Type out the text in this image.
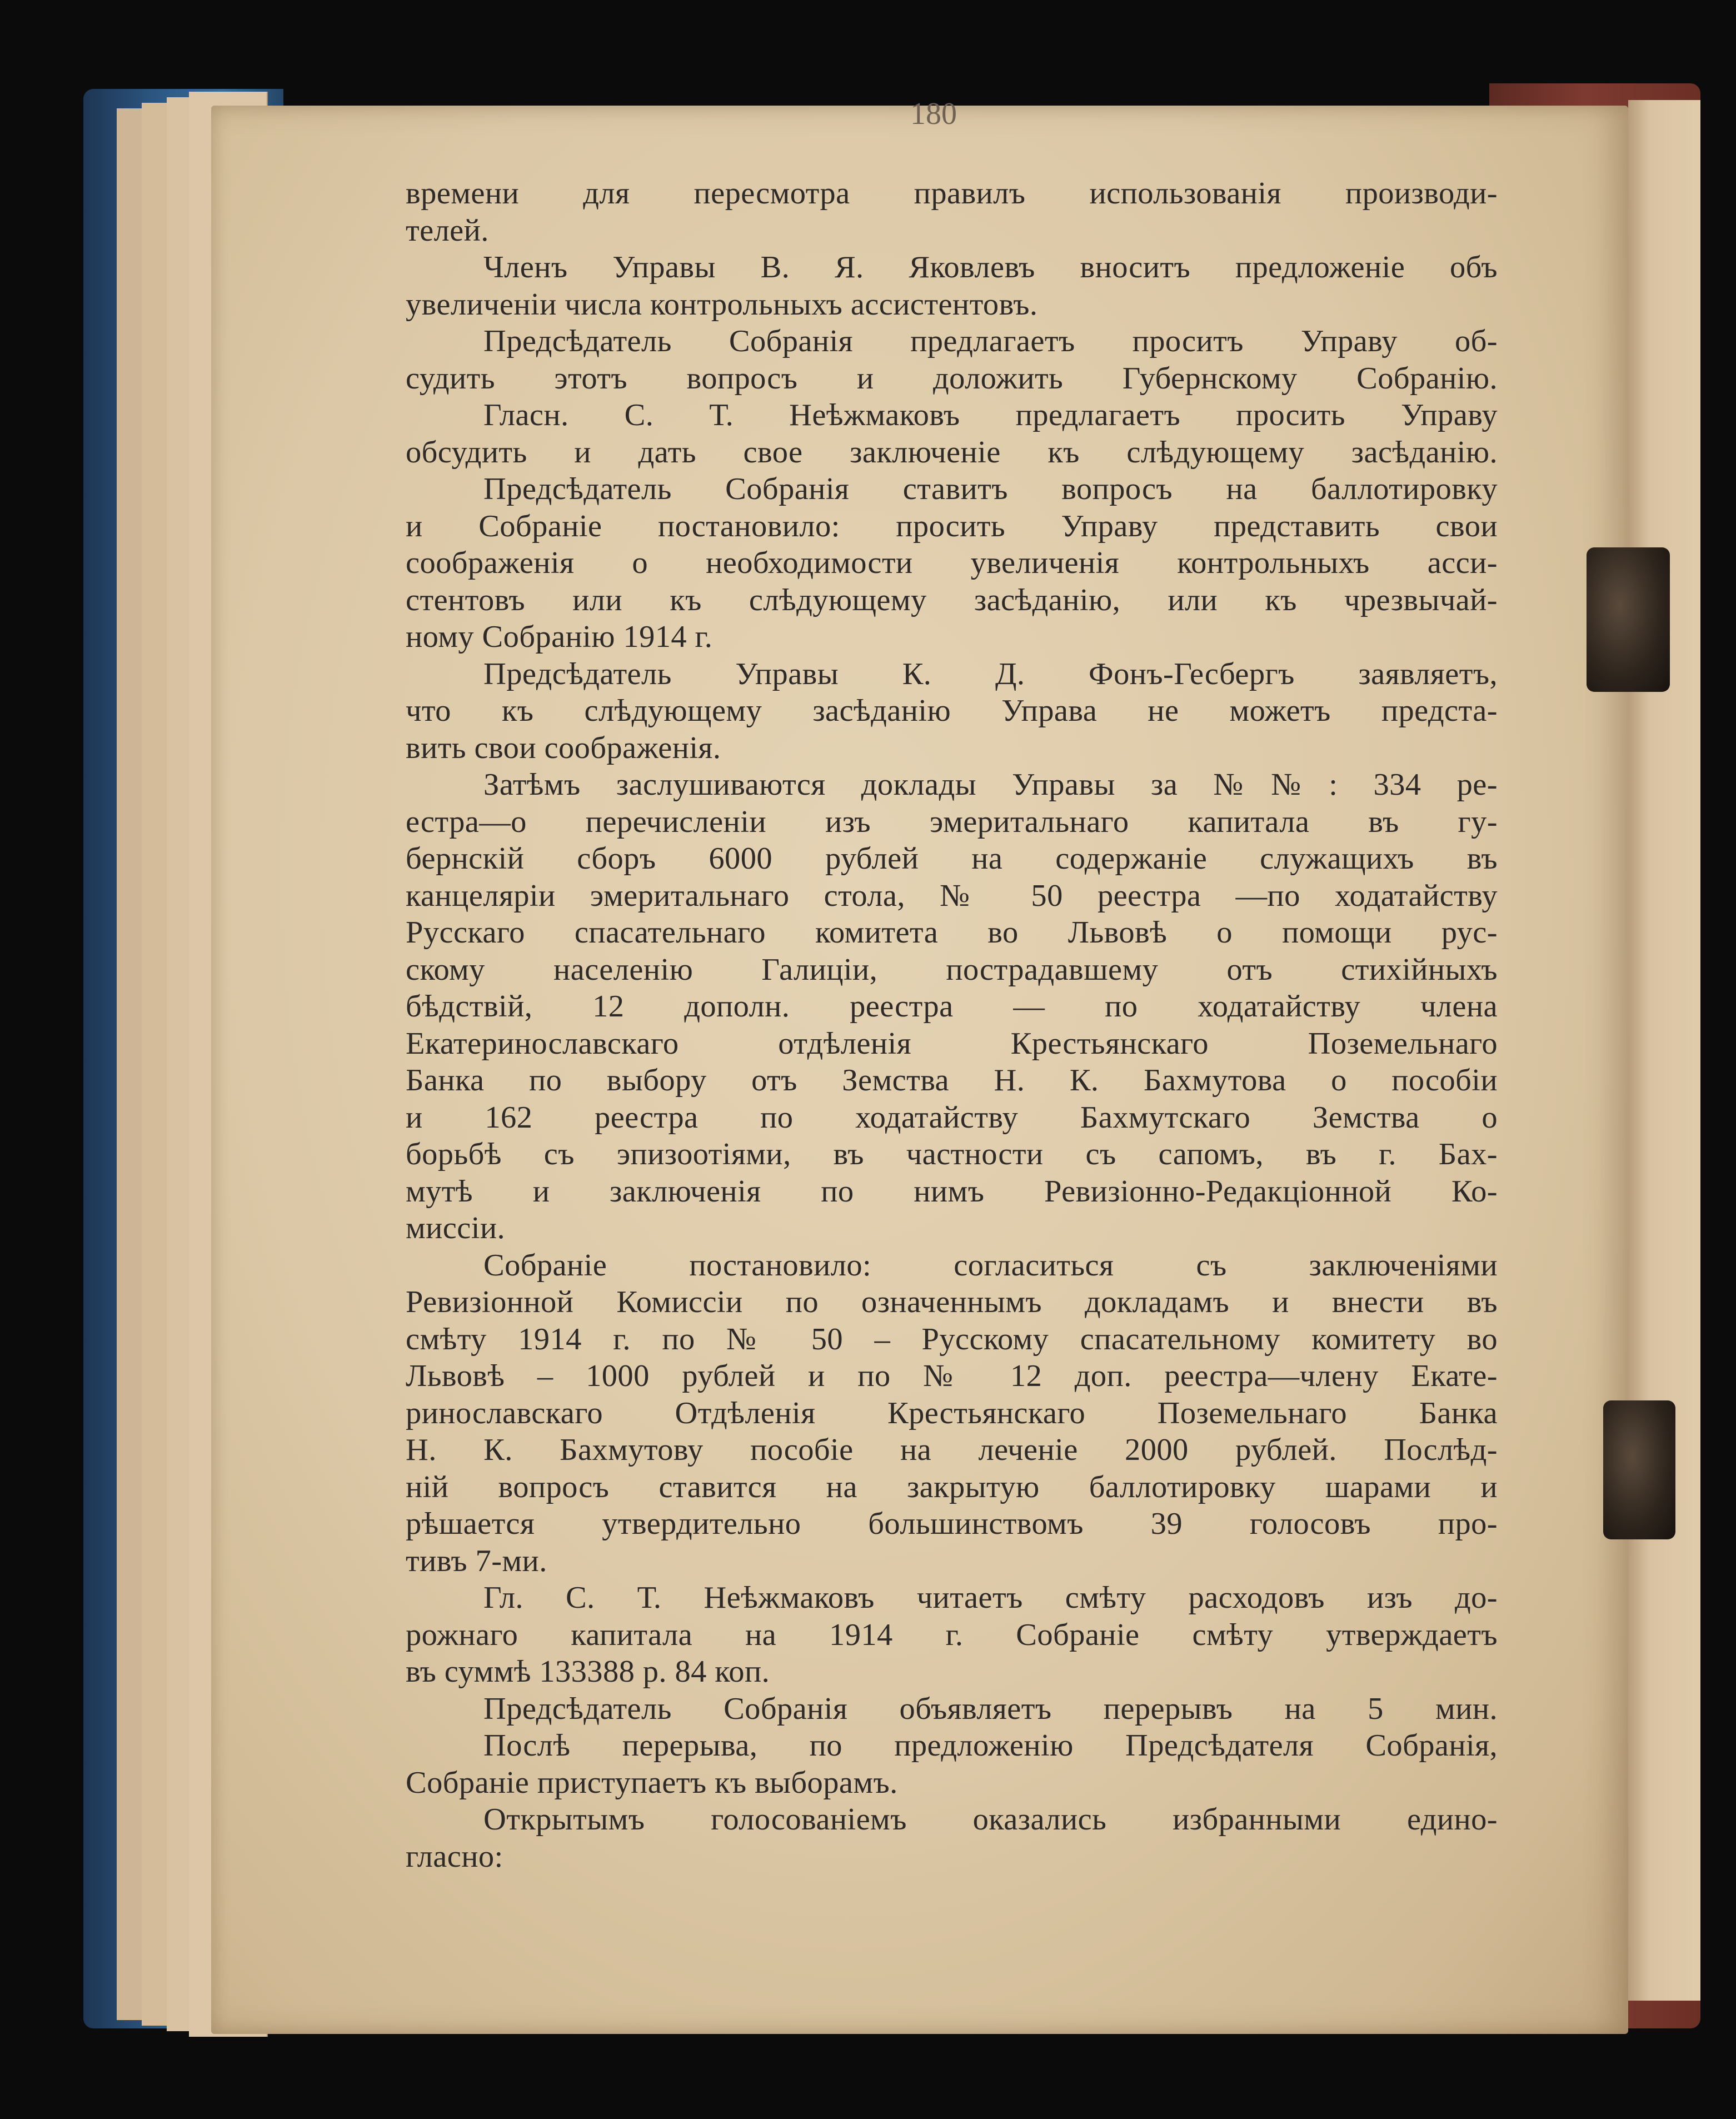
180
времени для пересмотра правилъ использованія производи-
телей.
Членъ Управы В. Я. Яковлевъ вноситъ предложеніе объ
увеличеніи числа контрольныхъ ассистентовъ.
Предсѣдатель Собранія предлагаетъ проситъ Управу об-
судить этотъ вопросъ и доложить Губернскому Собранію.
Гласн. С. Т. Неѣжмаковъ предлагаетъ просить Управу
обсудить и дать свое заключеніе къ слѣдующему засѣданію.
Предсѣдатель Собранія ставитъ вопросъ на баллотировку
и Собраніе постановило: просить Управу представить свои
соображенія о необходимости увеличенія контрольныхъ асси-
стентовъ или къ слѣдующему засѣданію, или къ чрезвычай-
ному Собранію 1914 г.
Предсѣдатель Управы К. Д. Фонъ-Гесбергъ заявляетъ,
что къ слѣдующему засѣданію Управа не можетъ предста-
вить свои соображенія.
Затѣмъ заслушиваются доклады Управы за №№: 334 ре-
естра—о перечисленіи изъ эмеритальнаго капитала въ гу-
бернскій сборъ 6000 рублей на содержаніе служащихъ въ
канцеляріи эмеритальнаго стола, № 50 реестра —по ходатайству
Русскаго спасательнаго комитета во Львовѣ о помощи рус-
скому населенію Галиціи, пострадавшему отъ стихійныхъ
бѣдствій, 12 дополн. реестра — по ходатайству члена
Екатеринославскаго отдѣленія Крестьянскаго Поземельнаго
Банка по выбору отъ Земства Н. К. Бахмутова о пособіи
и 162 реестра по ходатайству Бахмутскаго Земства о
борьбѣ съ эпизоотіями, въ частности съ сапомъ, въ г. Бах-
мутѣ и заключенія по нимъ Ревизіонно-Редакціонной Ко-
миссіи.
Собраніе постановило: согласиться съ заключеніями
Ревизіонной Комиссіи по означеннымъ докладамъ и внести въ
смѣту 1914 г. по № 50 – Русскому спасательному комитету во
Львовѣ – 1000 рублей и по № 12 доп. реестра—члену Екате-
ринославскаго Отдѣленія Крестьянскаго Поземельнаго Банка
Н. К. Бахмутову пособіе на леченіе 2000 рублей. Послѣд-
ній вопросъ ставится на закрытую баллотировку шарами и
рѣшается утвердительно большинствомъ 39 голосовъ про-
тивъ 7-ми.
Гл. С. Т. Неѣжмаковъ читаетъ смѣту расходовъ изъ до-
рожнаго капитала на 1914 г. Собраніе смѣту утверждаетъ
въ суммѣ 133388 р. 84 коп.
Предсѣдатель Собранія объявляетъ перерывъ на 5 мин.
Послѣ перерыва, по предложенію Предсѣдателя Собранія,
Собраніе приступаетъ къ выборамъ.
Открытымъ голосованіемъ оказались избранными едино-
гласно:
